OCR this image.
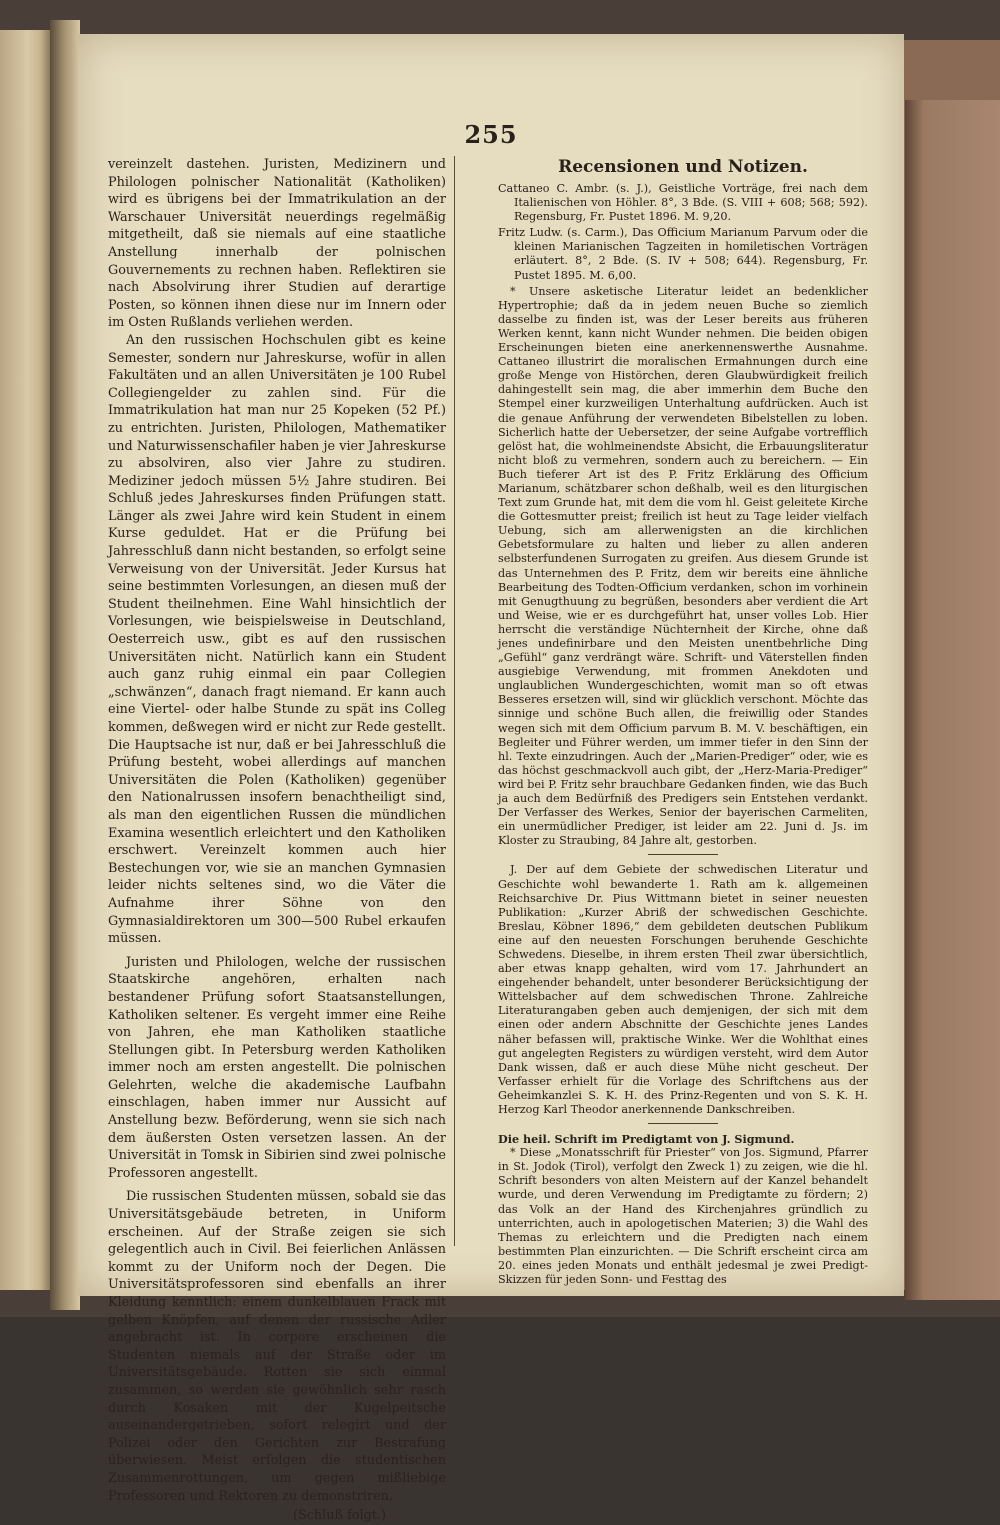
255

vereinzelt dastehen. Juristen, Medizinern und Philologen polnischer Nationalität (Katholiken) wird es übrigens bei der Immatrikulation an der Warschauer Universität neuerdings regelmäßig mitgetheilt, daß sie niemals auf eine staatliche Anstellung innerhalb der polnischen Gouvernements zu rechnen haben. Reflektiren sie nach Absolvirung ihrer Studien auf derartige Posten, so können ihnen diese nur im Innern oder im Osten Rußlands verliehen werden.

An den russischen Hochschulen gibt es keine Semester, sondern nur Jahreskurse, wofür in allen Fakultäten und an allen Universitäten je 100 Rubel Collegiengelder zu zahlen sind. Für die Immatrikulation hat man nur 25 Kopeken (52 Pf.) zu entrichten. Juristen, Philologen, Mathematiker und Naturwissenschafiler haben je vier Jahreskurse zu absolviren, also vier Jahre zu studiren. Mediziner jedoch müssen 5½ Jahre studiren. Bei Schluß jedes Jahreskurses finden Prüfungen statt. Länger als zwei Jahre wird kein Student in einem Kurse geduldet. Hat er die Prüfung bei Jahresschluß dann nicht bestanden, so erfolgt seine Verweisung von der Universität. Jeder Kursus hat seine bestimmten Vorlesungen, an diesen muß der Student theilnehmen. Eine Wahl hinsichtlich der Vorlesungen, wie beispielsweise in Deutschland, Oesterreich usw., gibt es auf den russischen Universitäten nicht. Natürlich kann ein Student auch ganz ruhig einmal ein paar Collegien „schwänzen“, danach fragt niemand. Er kann auch eine Viertel- oder halbe Stunde zu spät ins Colleg kommen, deßwegen wird er nicht zur Rede gestellt. Die Hauptsache ist nur, daß er bei Jahresschluß die Prüfung besteht, wobei allerdings auf manchen Universitäten die Polen (Katholiken) gegenüber den Nationalrussen insofern benachtheiligt sind, als man den eigentlichen Russen die mündlichen Examina wesentlich erleichtert und den Katholiken erschwert. Vereinzelt kommen auch hier Bestechungen vor, wie sie an manchen Gymnasien leider nichts seltenes sind, wo die Väter die Aufnahme ihrer Söhne von den Gymnasialdirektoren um 300—500 Rubel erkaufen müssen.

Juristen und Philologen, welche der russischen Staatskirche angehören, erhalten nach bestandener Prüfung sofort Staatsanstellungen, Katholiken seltener. Es vergeht immer eine Reihe von Jahren, ehe man Katholiken staatliche Stellungen gibt. In Petersburg werden Katholiken immer noch am ersten angestellt. Die polnischen Gelehrten, welche die akademische Laufbahn einschlagen, haben immer nur Aussicht auf Anstellung bezw. Beförderung, wenn sie sich nach dem äußersten Osten versetzen lassen. An der Universität in Tomsk in Sibirien sind zwei polnische Professoren angestellt.

Die russischen Studenten müssen, sobald sie das Universitätsgebäude betreten, in Uniform erscheinen. Auf der Straße zeigen sie sich gelegentlich auch in Civil. Bei feierlichen Anlässen kommt zu der Uniform noch der Degen. Die Universitätsprofessoren sind ebenfalls an ihrer Kleidung kenntlich: einem dunkelblauen Frack mit gelben Knöpfen, auf denen der russische Adler angebracht ist. In corpore erscheinen die Studenten niemals auf der Straße oder im Universitätsgebäude. Rotten sie sich einmal zusammen, so werden sie gewöhnlich sehr rasch durch Kosaken mit der Kugelpeitsche auseinandergetrieben, sofort relegirt und der Polizei oder den Gerichten zur Bestrafung überwiesen. Meist erfolgen die studentischen Zusammenrottungen, um gegen mißliebige Professoren und Rektoren zu demonstriren.

(Schluß folgt.)

Recensionen und Notizen.

Cattaneo C. Ambr. (s. J.), Geistliche Vorträge, frei nach dem Italienischen von Höhler. 8°, 3 Bde. (S. VIII + 608; 568; 592). Regensburg, Fr. Pustet 1896. M. 9,20.

Fritz Ludw. (s. Carm.), Das Officium Marianum Parvum oder die kleinen Marianischen Tagzeiten in homiletischen Vorträgen erläutert. 8°, 2 Bde. (S. IV + 508; 644). Regensburg, Fr. Pustet 1895. M. 6,00.

* Unsere asketische Literatur leidet an bedenklicher Hypertrophie; daß da in jedem neuen Buche so ziemlich dasselbe zu finden ist, was der Leser bereits aus früheren Werken kennt, kann nicht Wunder nehmen. Die beiden obigen Erscheinungen bieten eine anerkennenswerthe Ausnahme. Cattaneo illustrirt die moralischen Ermahnungen durch eine große Menge von Histörchen, deren Glaubwürdigkeit freilich dahingestellt sein mag, die aber immerhin dem Buche den Stempel einer kurzweiligen Unterhaltung aufdrücken. Auch ist die genaue Anführung der verwendeten Bibelstellen zu loben. Sicherlich hatte der Uebersetzer, der seine Aufgabe vortrefflich gelöst hat, die wohlmeinendste Absicht, die Erbauungsliteratur nicht bloß zu vermehren, sondern auch zu bereichern. — Ein Buch tieferer Art ist des P. Fritz Erklärung des Officium Marianum, schätzbarer schon deßhalb, weil es den liturgischen Text zum Grunde hat, mit dem die vom hl. Geist geleitete Kirche die Gottesmutter preist; freilich ist heut zu Tage leider vielfach Uebung, sich am allerwenigsten an die kirchlichen Gebetsformulare zu halten und lieber zu allen anderen selbsterfundenen Surrogaten zu greifen. Aus diesem Grunde ist das Unternehmen des P. Fritz, dem wir bereits eine ähnliche Bearbeitung des Todten-Officium verdanken, schon im vorhinein mit Genugthuung zu begrüßen, besonders aber verdient die Art und Weise, wie er es durchgeführt hat, unser volles Lob. Hier herrscht die verständige Nüchternheit der Kirche, ohne daß jenes undefinirbare und den Meisten unentbehrliche Ding „Gefühl“ ganz verdrängt wäre. Schrift- und Väterstellen finden ausgiebige Verwendung, mit frommen Anekdoten und unglaublichen Wundergeschichten, womit man so oft etwas Besseres ersetzen will, sind wir glücklich verschont. Möchte das sinnige und schöne Buch allen, die freiwillig oder Standes wegen sich mit dem Officium parvum B. M. V. beschäftigen, ein Begleiter und Führer werden, um immer tiefer in den Sinn der hl. Texte einzudringen. Auch der „Marien-Prediger“ oder, wie es das höchst geschmackvoll auch gibt, der „Herz-Maria-Prediger“ wird bei P. Fritz sehr brauchbare Gedanken finden, wie das Buch ja auch dem Bedürfniß des Predigers sein Entstehen verdankt. Der Verfasser des Werkes, Senior der bayerischen Carmeliten, ein unermüdlicher Prediger, ist leider am 22. Juni d. Js. im Kloster zu Straubing, 84 Jahre alt, gestorben.

J. Der auf dem Gebiete der schwedischen Literatur und Geschichte wohl bewanderte 1. Rath am k. allgemeinen Reichsarchive Dr. Pius Wittmann bietet in seiner neuesten Publikation: „Kurzer Abriß der schwedischen Geschichte. Breslau, Köbner 1896,“ dem gebildeten deutschen Publikum eine auf den neuesten Forschungen beruhende Geschichte Schwedens. Dieselbe, in ihrem ersten Theil zwar übersichtlich, aber etwas knapp gehalten, wird vom 17. Jahrhundert an eingehender behandelt, unter besonderer Berücksichtigung der Wittelsbacher auf dem schwedischen Throne. Zahlreiche Literaturangaben geben auch demjenigen, der sich mit dem einen oder andern Abschnitte der Geschichte jenes Landes näher befassen will, praktische Winke. Wer die Wohlthat eines gut angelegten Registers zu würdigen versteht, wird dem Autor Dank wissen, daß er auch diese Mühe nicht gescheut. Der Verfasser erhielt für die Vorlage des Schriftchens aus der Geheimkanzlei S. K. H. des Prinz-Regenten und von S. K. H. Herzog Karl Theodor anerkennende Dankschreiben.

Die heil. Schrift im Predigtamt von J. Sigmund.

* Diese „Monatsschrift für Priester“ von Jos. Sigmund, Pfarrer in St. Jodok (Tirol), verfolgt den Zweck 1) zu zeigen, wie die hl. Schrift besonders von alten Meistern auf der Kanzel behandelt wurde, und deren Verwendung im Predigtamte zu fördern; 2) das Volk an der Hand des Kirchenjahres gründlich zu unterrichten, auch in apologetischen Materien; 3) die Wahl des Themas zu erleichtern und die Predigten nach einem bestimmten Plan einzurichten. — Die Schrift erscheint circa am 20. eines jeden Monats und enthält jedesmal je zwei Predigt-Skizzen für jeden Sonn- und Festtag des
